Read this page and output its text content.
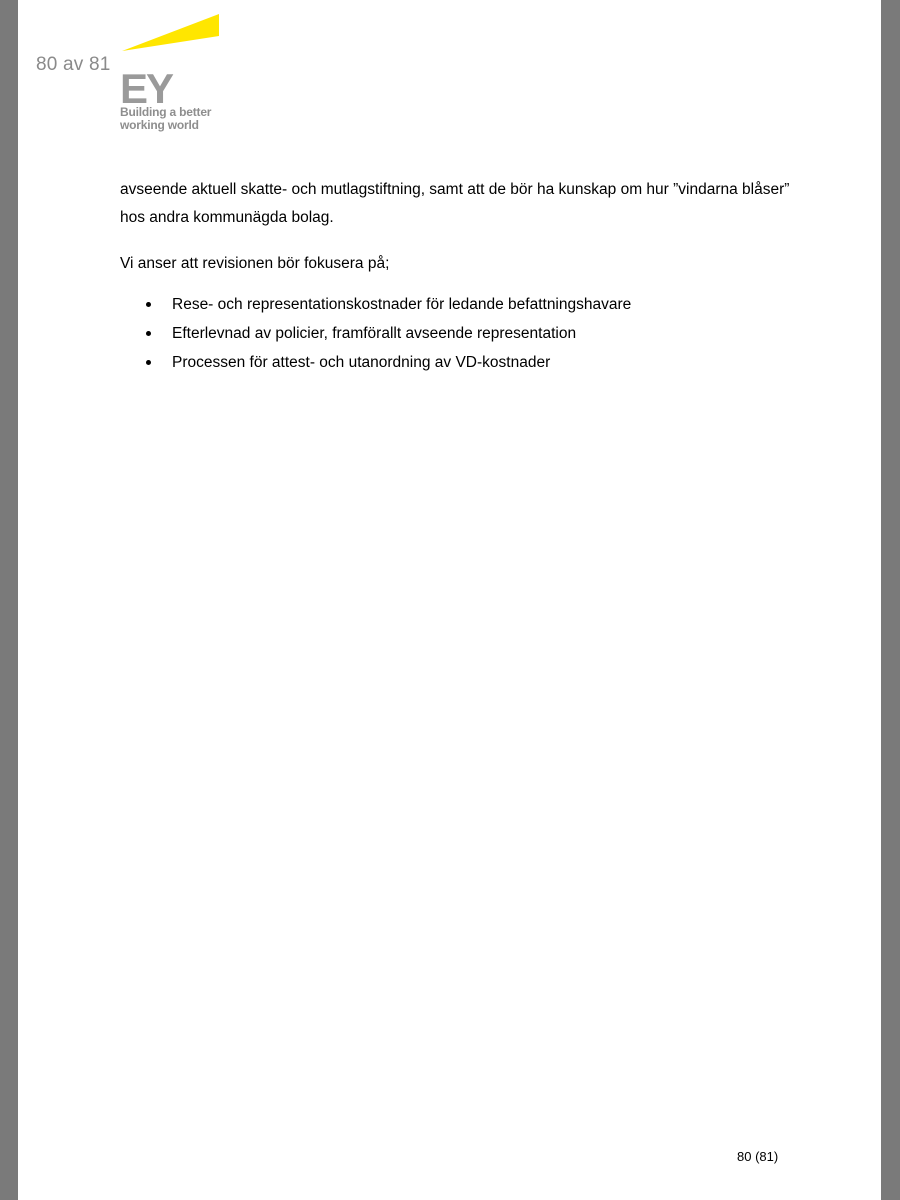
80 av 81
EY
Building a better
working world

avseende aktuell skatte- och mutlagstiftning, samt att de bör ha kunskap om hur ”vindarna blåser” hos andra kommunägda bolag.

Vi anser att revisionen bör fokusera på;

Rese- och representationskostnader för ledande befattningshavare
Efterlevnad av policier, framförallt avseende representation
Processen för attest- och utanordning av VD-kostnader
80 (81)
